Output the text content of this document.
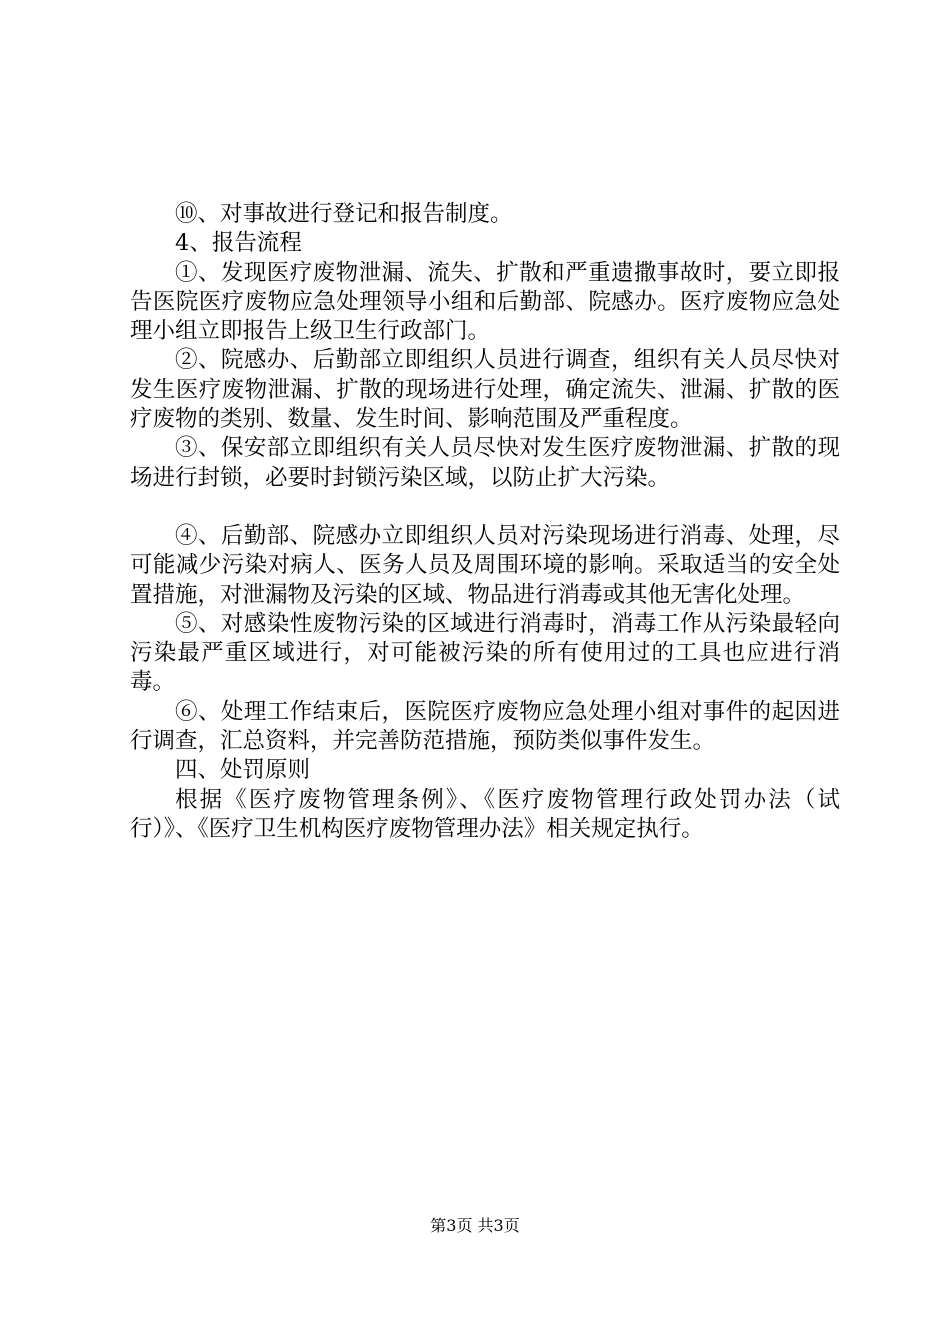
⑩、对事故进行登记和报告制度。

4、报告流程

①、发现医疗废物泄漏、流失、扩散和严重遗撒事故时，要立即报告医院医疗废物应急处理领导小组和后勤部、院感办。医疗废物应急处理小组立即报告上级卫生行政部门。

②、院感办、后勤部立即组织人员进行调查，组织有关人员尽快对发生医疗废物泄漏、扩散的现场进行处理，确定流失、泄漏、扩散的医疗废物的类别、数量、发生时间、影响范围及严重程度。

③、保安部立即组织有关人员尽快对发生医疗废物泄漏、扩散的现场进行封锁，必要时封锁污染区域，以防止扩大污染。

④、后勤部、院感办立即组织人员对污染现场进行消毒、处理，尽可能减少污染对病人、医务人员及周围环境的影响。采取适当的安全处置措施，对泄漏物及污染的区域、物品进行消毒或其他无害化处理。

⑤、对感染性废物污染的区域进行消毒时，消毒工作从污染最轻向污染最严重区域进行，对可能被污染的所有使用过的工具也应进行消毒。

⑥、处理工作结束后，医院医疗废物应急处理小组对事件的起因进行调查，汇总资料，并完善防范措施，预防类似事件发生。

四、处罚原则

根据《医疗废物管理条例》、《医疗废物管理行政处罚办法（试行）》、《医疗卫生机构医疗废物管理办法》相关规定执行。

第3页 共3页
